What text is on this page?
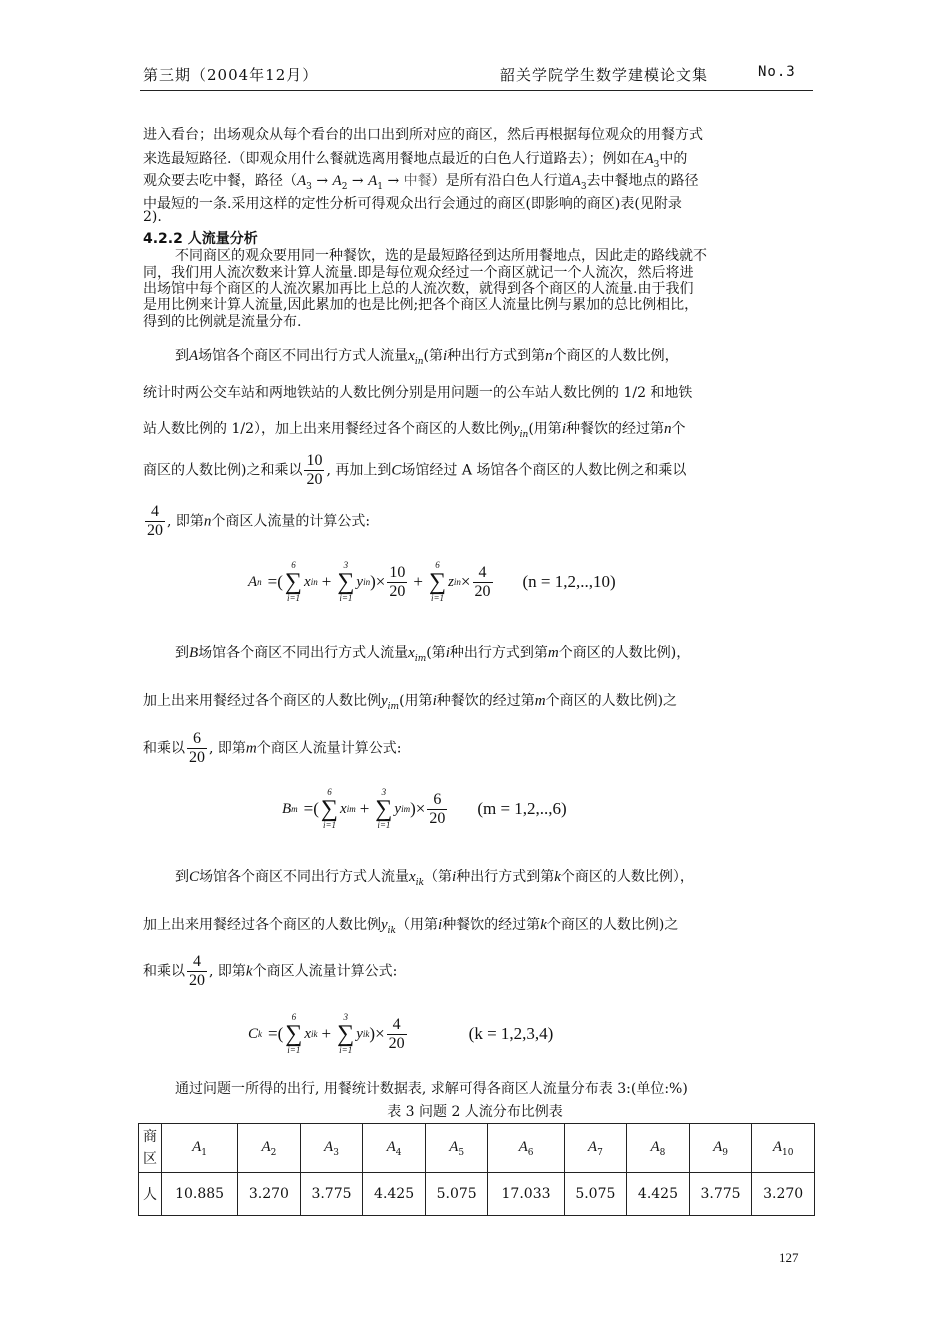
第三期（2004年12月）	韶关学院学生数学建模论文集	No.3
进入看台；出场观众从每个看台的出口出到所对应的商区，然后再根据每位观众的用餐方式
来选最短路径.（即观众用什么餐就选离用餐地点最近的白色人行道路去）；例如在$A_3$中的
观众要去吃中餐，路径（$A_3 \to A_2 \to A_1$ → 中餐）是所有沿白色人行道$A_3$去中餐地点的路径
中最短的一条.采用这样的定性分析可得观众出行会通过的商区(即影响的商区)表(见附录
2).
4.2.2 人流量分析
不同商区的观众要用同一种餐饮，选的是最短路径到达所用餐地点，因此走的路线就不
同，我们用人流次数来计算人流量.即是每位观众经过一个商区就记一个人流次，然后将进
出场馆中每个商区的人流次累加再比上总的人流次数，就得到各个商区的人流量.由于我们
是用比例来计算人流量,因此累加的也是比例;把各个商区人流量比例与累加的总比例相比，
得到的比例就是流量分布.
到A场馆各个商区不同出行方式人流量$x_{in}$(第i种出行方式到第n个商区的人数比例，
统计时两公交车站和两地铁站的人数比例分别是用问题一的公车站人数比例的 1/2 和地铁
站人数比例的 1/2），加上出来用餐经过各个商区的人数比例$y_{in}$(用第i种餐饮的经过第n个
商区的人数比例)之和乘以 $\frac{10}{20}$ , 再加上到C场馆经过 A 场馆各个商区的人数比例之和乘以
$\frac{4}{20}$ , 即第n个商区人流量的计算公式:
A n =(
6
∑
i=1
x in +
3
∑
i=1
y in )× $\frac{10}{20}$ +
6
∑
i=1
z in × $\frac{4}{20} (n = 1,2,..,10)$
到B场馆各个商区不同出行方式人流量$x_{im}$(第i种出行方式到第m个商区的人数比例)，
加上出来用餐经过各个商区的人数比例$y_{im}$(用第i种餐饮的经过第m个商区的人数比例)之
和乘以 $\frac{6}{20}$ , 即第m个商区人流量计算公式:
B m =(
6
∑
i=1
x im +
3
∑
i=1
y im )× $\frac{6}{20} (m = 1,2,..,6)$
到C场馆各个商区不同出行方式人流量$x_{ik}$（第i种出行方式到第k个商区的人数比例），
加上出来用餐经过各个商区的人数比例$y_{ik}$（用第i种餐饮的经过第k个商区的人数比例)之
和乘以 $\frac{4}{20}$ , 即第k个商区人流量计算公式:
C k =(
6
∑
i=1
x ik +
3
∑
i=1
y ik )× $\frac{4}{20}$	(k = 1,2,3,4)
通过问题一所得的出行, 用餐统计数据表, 求解可得各商区人流量分布表 3:(单位:%)
表 3 问题 2 人流分布比例表
商区	$A_1$	$A_2$	$A_3$	$A_4$	$A_5$	$A_6$	$A_7$	$A_8$	$A_9$	$A_{10}$
人	10.885	3.270	3.775	4.425	5.075	17.033	5.075	4.425	3.775	3.270
127
